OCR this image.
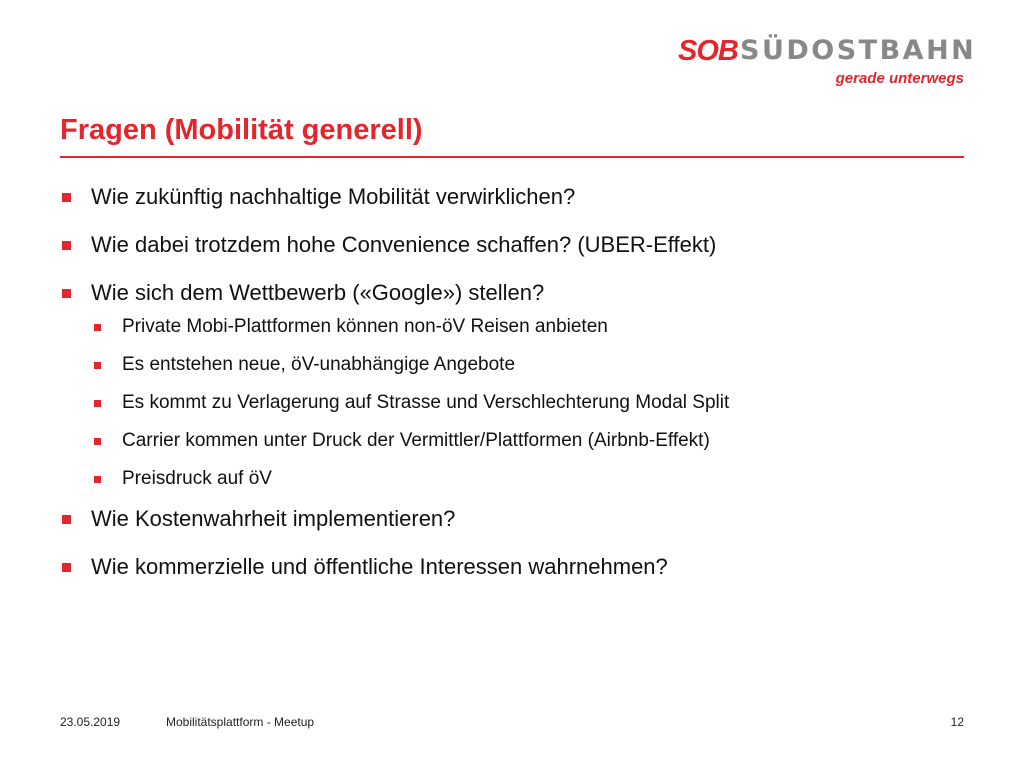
SOB SÜDOSTBAHN
gerade unterwegs
Fragen (Mobilität generell)
Wie zukünftig nachhaltige Mobilität verwirklichen?
Wie dabei trotzdem hohe Convenience schaffen? (UBER-Effekt)
Wie sich dem Wettbewerb («Google») stellen?
Private Mobi-Plattformen können non-öV Reisen anbieten
Es entstehen neue, öV-unabhängige Angebote
Es kommt zu Verlagerung auf Strasse und Verschlechterung Modal Split
Carrier kommen unter Druck der Vermittler/Plattformen (Airbnb-Effekt)
Preisdruck auf öV
Wie Kostenwahrheit implementieren?
Wie kommerzielle und öffentliche Interessen wahrnehmen?
23.05.2019	Mobilitätsplattform - Meetup	12
